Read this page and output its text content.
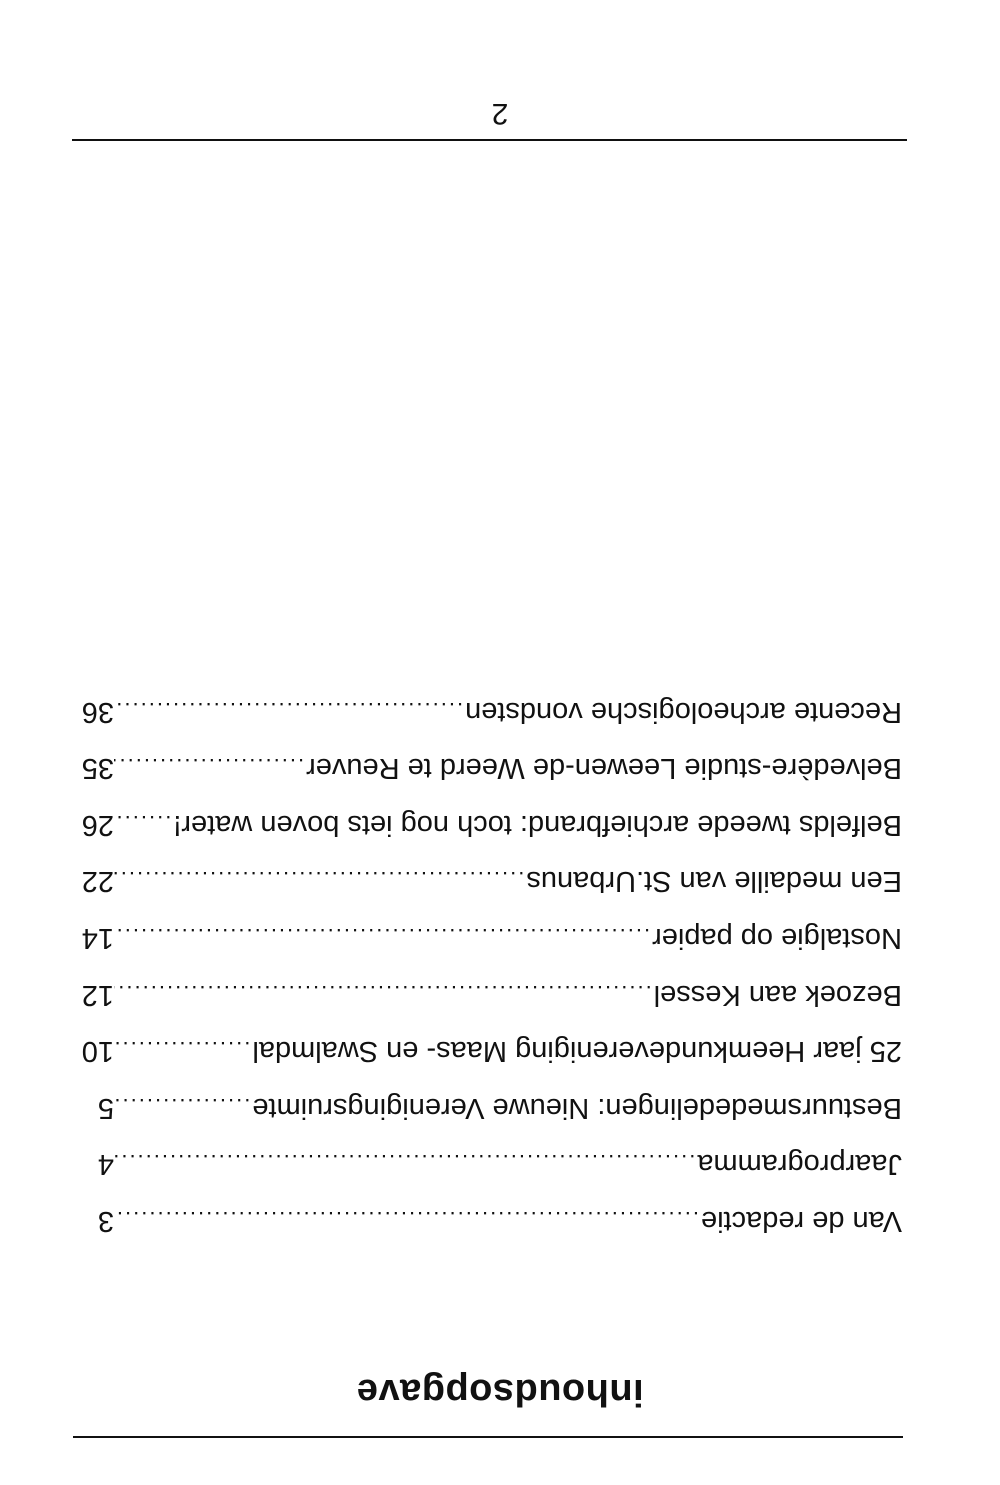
inhoudsopgave
Van de redactie
.....
3
Jaarprogramma
.....
4
Bestuursmededelingen: Nieuwe Verenigingsruimte
.....
5
25 jaar Heemkundevereniging Maas- en Swalmdal
.....
10
Bezoek aan Kessel
.....
12
Nostalgie op papier
.....
14
Een medaille van St.Urbanus
.....
22
Belfelds tweede archiefbrand: toch nog iets boven water!
.....
26
Belvedère-studie Leewen-de Weerd te Reuver
.....
35
Recente archeologische vondsten
.....
36
2
